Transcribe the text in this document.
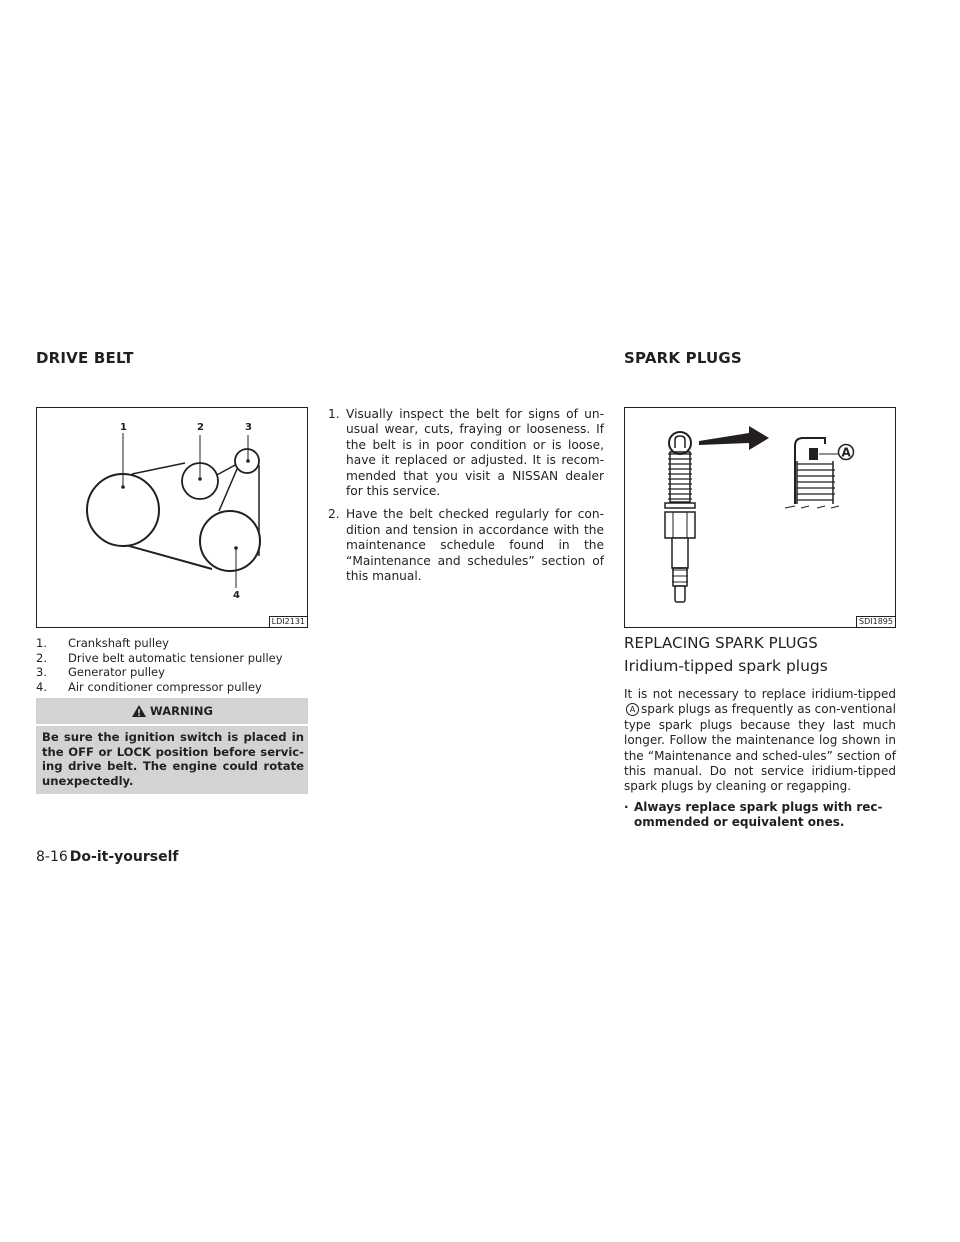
DRIVE BELT	SPARK PLUGS
1	2	3
4
LDI2131
1.	Crankshaft pulley
2.	Drive belt automatic tensioner pulley
3.	Generator pulley
4.	Air conditioner compressor pulley
WARNING
Be sure the ignition switch is placed in the OFF or LOCK position before servic-ing drive belt. The engine could rotate unexpectedly.
1. Visually inspect the belt for signs of un-usual wear, cuts, fraying or looseness. If the belt is in poor condition or is loose, have it replaced or adjusted. It is recom-mended that you visit a NISSAN dealer for this service.
2. Have the belt checked regularly for con-dition and tension in accordance with the maintenance schedule found in the “Maintenance and schedules” section of this manual.
A
SDI1895
REPLACING SPARK PLUGS
Iridium-tipped spark plugs
It is not necessary to replace iridium-tippedA spark plugs as frequently as con-ventional type spark plugs because they last much longer. Follow the maintenance log shown in the “Maintenance and sched-ules” section of this manual. Do not service iridium-tipped spark plugs by cleaning or regapping.
· Always replace spark plugs with rec-ommended or equivalent ones.
8-16 Do-it-yourself
